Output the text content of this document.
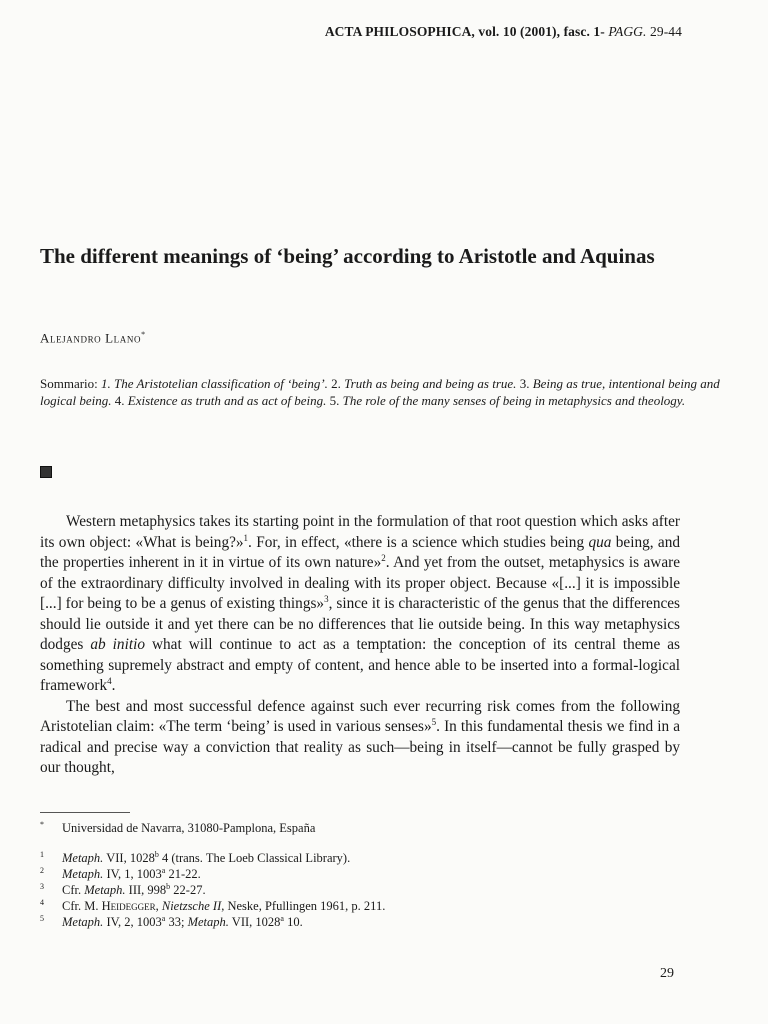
ACTA PHILOSOPHICA, vol. 10 (2001), fasc. 1- PAGG. 29-44
The different meanings of ‘being’ according to Aristotle and Aquinas
Alejandro Llano*
Sommario: 1. The Aristotelian classification of ‘being’. 2. Truth as being and being as true. 3. Being as true, intentional being and logical being. 4. Existence as truth and as act of being. 5. The role of the many senses of being in metaphysics and theology.

Western metaphysics takes its starting point in the formulation of that root question which asks after its own object: «What is being?»$^1$. For, in effect, «there is a science which studies being qua being, and the properties inherent in it in virtue of its own nature»$^2$. And yet from the outset, metaphysics is aware of the extraordinary difficulty involved in dealing with its proper object. Because «[...] it is impossible [...] for being to be a genus of existing things»$^3$, since it is characteristic of the genus that the differences should lie outside it and yet there can be no differences that lie outside being. In this way metaphysics dodges ab initio what will continue to act as a temptation: the conception of its central theme as something supremely abstract and empty of content, and hence able to be inserted into a formal-logical framework$^4$.

The best and most successful defence against such ever recurring risk comes from the following Aristotelian claim: «The term ‘being’ is used in various senses»$^5$. In this fundamental thesis we find in a radical and precise way a conviction that reality as such—being in itself—cannot be fully grasped by our thought,

* Universidad de Navarra, 31080-Pamplona, España
1 Metaph. VII, 1028$^b$ 4 (trans. The Loeb Classical Library).
2 Metaph. IV, 1, 1003$^a$ 21-22.
3 Cfr. Metaph. III, 998$^b$ 22-27.
4 Cfr. M. Heidegger, Nietzsche II, Neske, Pfullingen 1961, p. 211.
5 Metaph. IV, 2, 1003$^a$ 33; Metaph. VII, 1028$^a$ 10.
29
